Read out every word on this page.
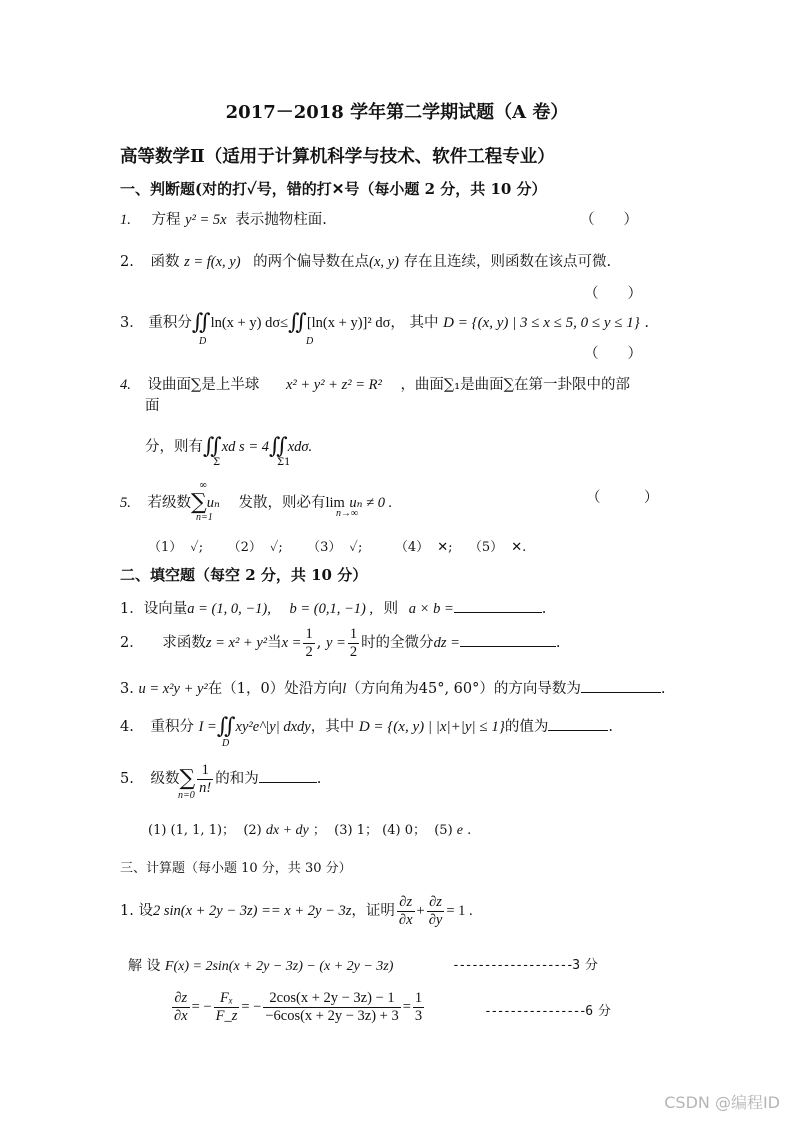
2017－2018 学年第二学期试题（A 卷）
高等数学Ⅱ（适用于计算机科学与技术、软件工程专业）
一、判断题(对的打✓号，错的打✕号（每小题 2 分，共 10 分）
1. 方程 y² = 5x 表示抛物柱面.	（　　）
2. 函数 z = f(x, y) 的两个偏导数在点(x, y) 存在且连续，则函数在该点可微.
（　　）
3． 重积分∬ln(x + y) dσ≤∬[ln(x + y)]² dσ， 其中 D = {(x, y) | 3 ≤ x ≤ 5, 0 ≤ y ≤ 1} .
D	D
（　　）
4. 设曲面∑是上半球 x² + y² + z² = R² ，曲面∑₁是曲面∑在第一卦限中的部
面
分，则有∬xd s = 4∬xdσ.
Σ	Σ1
5. 若级数∑uₙ 发散，则必有lim uₙ ≠ 0 .
∞
n=1	n→∞
（　　　）
（1） ✓; （2） ✓; （3） ✓;	（4） ✕; （5） ✕.
二、填空题（每空 2 分，共 10 分）
1．设向量a = (1, 0, −1), b = (0,1, −1) , 则 a × b =	.
2． 求函数z = x² + y²当$x = \frac{1}{2}$ , $y = \frac{1}{2}$ 时的全微分dz =	.
3. u = x²y + y²在（1，0）处沿方向l（方向角为45°, 60°）的方向导数为	.
4. 重积分 I =∬xy²e^|y| dxdy，其中 D = {(x, y) | |x|+|y| ≤ 1}的值为	.
D
5. 级数∑ $\frac{1}{n!}$ 的和为	.
n=0
(1) (1, 1, 1)； (2) dx + dy ； (3) 1； (4) 0； (5) e .
三、计算题（每小题 10 分，共 30 分）
1. 设2 sin(x + 2y − 3z) == x + 2y − 3z，证明 $\frac{\partial z}{\partial x} + \frac{\partial z}{\partial y} = 1$ .
解 设 F(x) = 2sin(x + 2y − 3z) − (x + 2y − 3z)	-------------------3 分
$\frac{\partial z}{\partial x}$ = − $\frac{\text{Fₓ}}{F\_z}$ = − $\frac{2\cos(x + 2y - 3z) - 1}{-6\cos(x + 2y - 3z) + 3} = \frac{1}{3}$	----------------6 分
CSDN @编程ID
